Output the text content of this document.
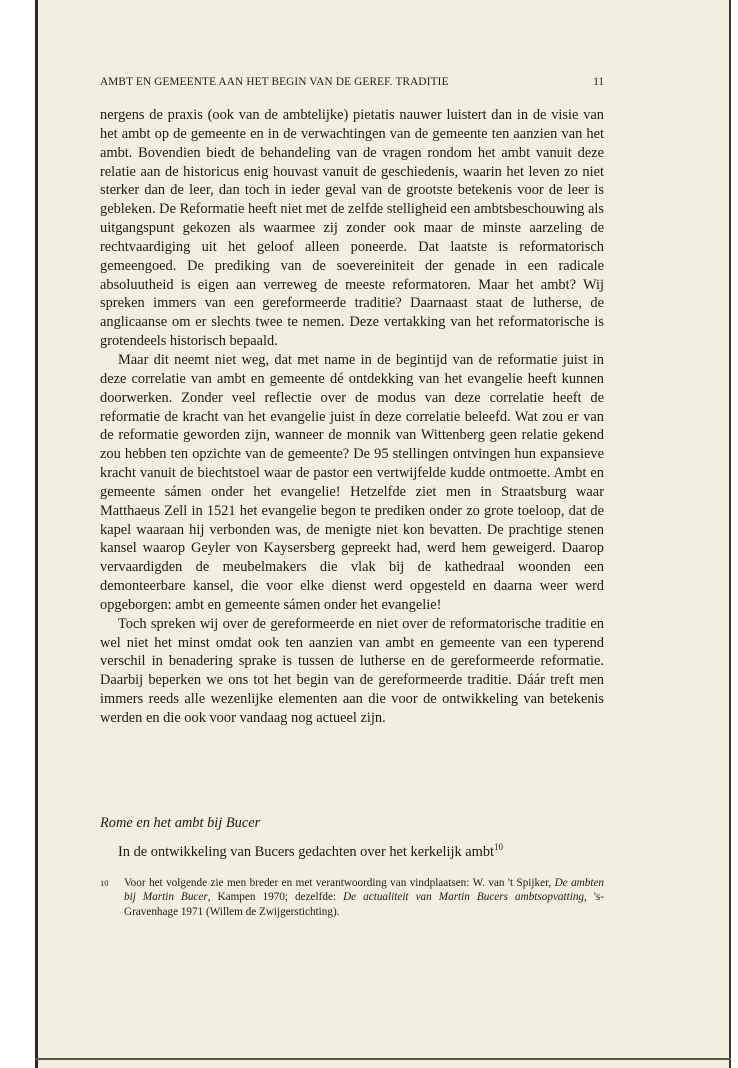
AMBT EN GEMEENTE AAN HET BEGIN VAN DE GEREF. TRADITIE	11

nergens de praxis (ook van de ambtelijke) pietatis nauwer luistert dan in de visie van het ambt op de gemeente en in de verwachtingen van de gemeente ten aanzien van het ambt. Bovendien biedt de behandeling van de vragen rondom het ambt vanuit deze relatie aan de historicus enig houvast vanuit de geschiedenis, waarin het leven zo niet sterker dan de leer, dan toch in ieder geval van de grootste betekenis voor de leer is gebleken. De Reformatie heeft niet met de zelfde stelligheid een ambtsbeschouwing als uitgangspunt gekozen als waarmee zij zonder ook maar de minste aarzeling de rechtvaardiging uit het geloof alleen poneerde. Dat laatste is reformatorisch gemeengoed. De prediking van de soevereiniteit der genade in een radicale absoluutheid is eigen aan verreweg de meeste reformatoren. Maar het ambt? Wij spreken immers van een gereformeerde traditie? Daarnaast staat de lutherse, de anglicaanse om er slechts twee te nemen. Deze vertakking van het reformatorische is grotendeels historisch bepaald.

Maar dit neemt niet weg, dat met name in de begintijd van de reformatie juist in deze correlatie van ambt en gemeente dé ontdekking van het evangelie heeft kunnen doorwerken. Zonder veel reflectie over de modus van deze correlatie heeft de reformatie de kracht van het evangelie juist ín deze correlatie beleefd. Wat zou er van de reformatie geworden zijn, wanneer de monnik van Wittenberg geen relatie gekend zou hebben ten opzichte van de gemeente? De 95 stellingen ontvingen hun expansieve kracht vanuit de biechtstoel waar de pastor een vertwijfelde kudde ontmoette. Ambt en gemeente sámen onder het evangelie! Hetzelfde ziet men in Straatsburg waar Matthaeus Zell in 1521 het evangelie begon te prediken onder zo grote toeloop, dat de kapel waaraan hij verbonden was, de menigte niet kon bevatten. De prachtige stenen kansel waarop Geyler von Kaysersberg gepreekt had, werd hem geweigerd. Daarop vervaardigden de meubelmakers die vlak bij de kathedraal woonden een demonteerbare kansel, die voor elke dienst werd opgesteld en daarna weer werd opgeborgen: ambt en gemeente sámen onder het evangelie!

Toch spreken wij over de gereformeerde en niet over de reformatorische traditie en wel niet het minst omdat ook ten aanzien van ambt en gemeente van een typerend verschil in benadering sprake is tussen de lutherse en de gereformeerde reformatie. Daarbij beperken we ons tot het begin van de gereformeerde traditie. Dáár treft men immers reeds alle wezenlijke elementen aan die voor de ontwikkeling van betekenis werden en die ook voor vandaag nog actueel zijn.

Rome en het ambt bij Bucer

In de ontwikkeling van Bucers gedachten over het kerkelijk ambt$^{10}$

10 Voor het volgende zie men breder en met verantwoording van vindplaatsen: W. van 't Spijker, De ambten bij Martin Bucer, Kampen 1970; dezelfde: De actualiteit van Martin Bucers ambtsopvatting, 's-Gravenhage 1971 (Willem de Zwijgerstichting).
